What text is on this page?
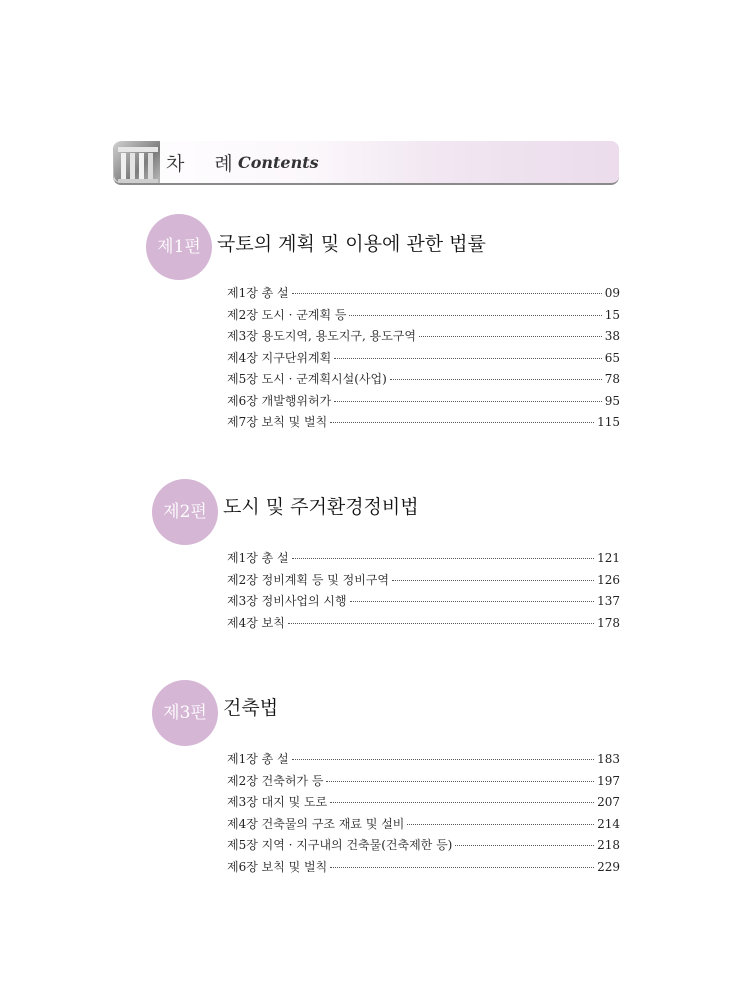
차 례
Contents
제1편 국토의 계획 및 이용에 관한 법률
제1장 총 설	09
제2장 도시 · 군계획 등	15
제3장 용도지역, 용도지구, 용도구역	38
제4장 지구단위계획	65
제5장 도시 · 군계획시설(사업)	78
제6장 개발행위허가	95
제7장 보칙 및 벌칙	115
제2편 도시 및 주거환경정비법
제1장 총 설	121
제2장 정비계획 등 및 정비구역	126
제3장 정비사업의 시행	137
제4장 보칙	178
제3편 건축법
제1장 총 설	183
제2장 건축허가 등	197
제3장 대지 및 도로	207
제4장 건축물의 구조 재료 및 설비	214
제5장 지역 · 지구내의 건축물(건축제한 등)	218
제6장 보칙 및 벌칙	229
